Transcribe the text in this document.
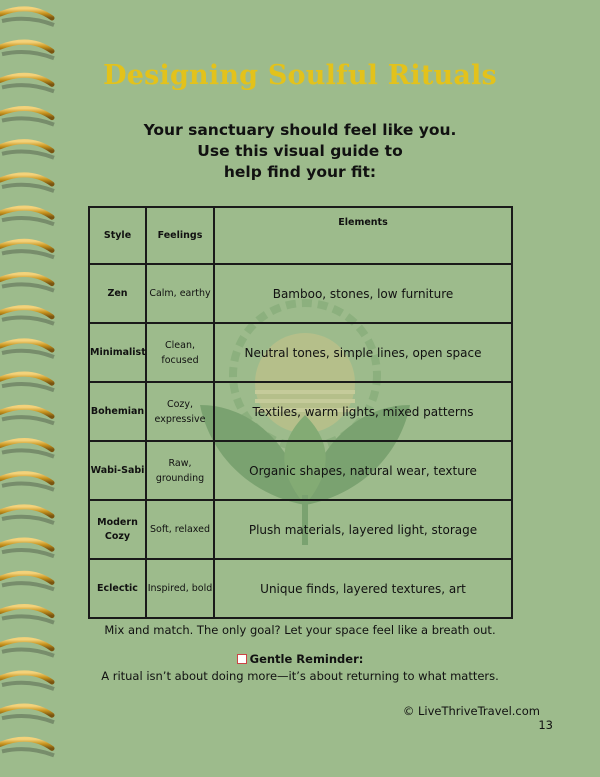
Designing Soulful Rituals
Your sanctuary should feel like you.
Use this visual guide to
help find your fit:
Style	Feelings	Elements
Zen	Calm, earthy	Bamboo, stones, low furniture
Minimalist	Clean, focused	Neutral tones, simple lines, open space
Bohemian	Cozy, expressive	Textiles, warm lights, mixed patterns
Wabi-Sabi	Raw, grounding	Organic shapes, natural wear, texture
Modern Cozy	Soft, relaxed	Plush materials, layered light, storage
Eclectic	Inspired, bold	Unique finds, layered textures, art
Mix and match. The only goal? Let your space feel like a breath out.
Gentle Reminder:
A ritual isn’t about doing more—it’s about returning to what matters.
© LiveThriveTravel.com
13
